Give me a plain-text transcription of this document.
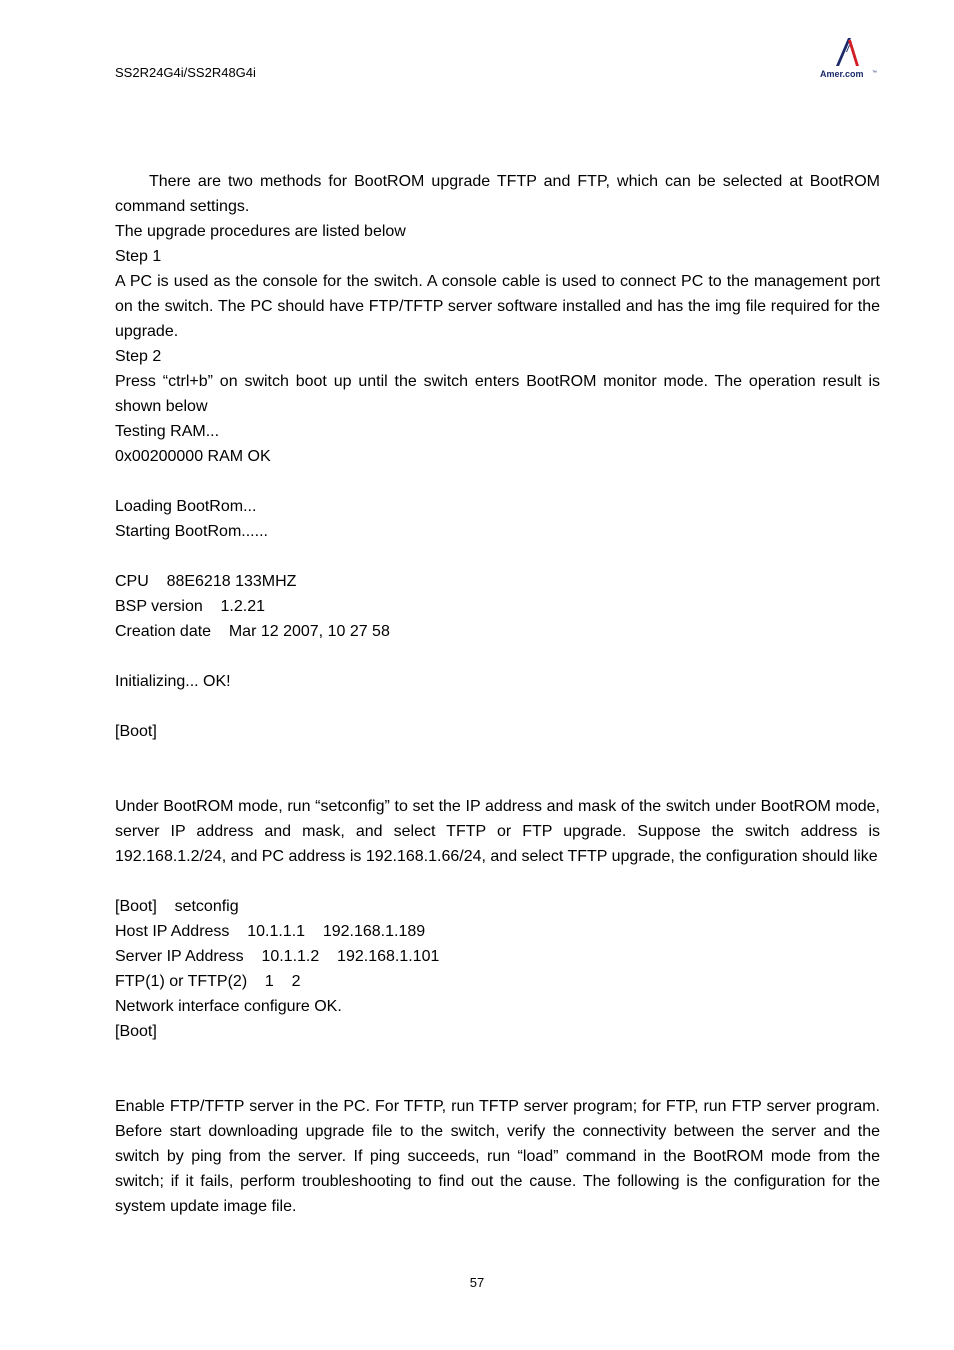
SS2R24G4i/SS2R48G4i	Amer.com ™

There are two methods for BootROM upgrade TFTP and FTP, which can be selected at BootROM command settings.

The upgrade procedures are listed below

Step 1

A PC is used as the console for the switch. A console cable is used to connect PC to the management port on the switch. The PC should have FTP/TFTP server software installed and has the img file required for the upgrade.

Step 2

Press “ctrl+b” on switch boot up until the switch enters BootROM monitor mode. The operation result is shown below

Testing RAM...
0x00200000 RAM OK
Loading BootRom...
Starting BootRom......
CPU    88E6218 133MHZ
BSP version    1.2.21
Creation date    Mar 12 2007, 10 27 58
Initializing... OK!
[Boot]

Under BootROM mode, run “setconfig” to set the IP address and mask of the switch under BootROM mode, server IP address and mask, and select TFTP or FTP upgrade. Suppose the switch address is 192.168.1.2/24, and PC address is 192.168.1.66/24, and select TFTP upgrade, the configuration should like

[Boot]    setconfig
Host IP Address    10.1.1.1    192.168.1.189
Server IP Address    10.1.1.2    192.168.1.101
FTP(1) or TFTP(2)    1    2
Network interface configure OK.
[Boot]

Enable FTP/TFTP server in the PC. For TFTP, run TFTP server program; for FTP, run FTP server program. Before start downloading upgrade file to the switch, verify the connectivity between the server and the switch by ping from the server. If ping succeeds, run “load” command in the BootROM mode from the switch; if it fails, perform troubleshooting to find out the cause. The following is the configuration for the system update image file.

57
